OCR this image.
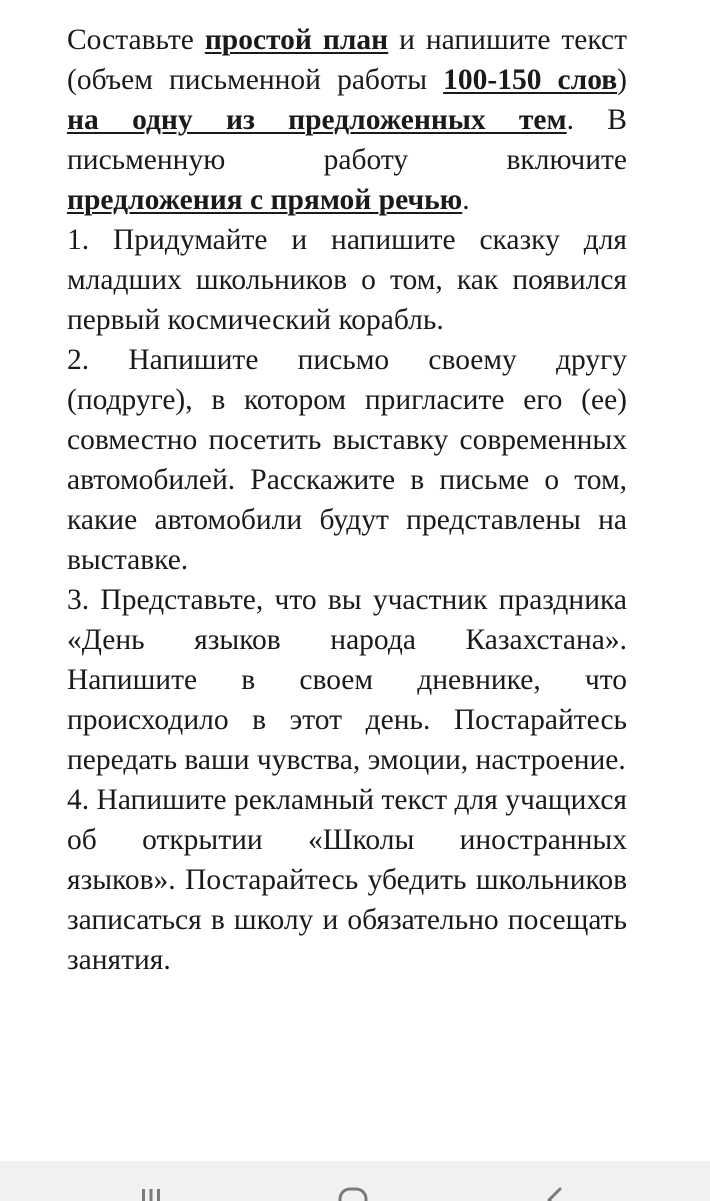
Составьте простой план и напишите текст (объем письменной работы 100-150 слов) на одну из предложенных тем. В письменную работу включите предложения с прямой речью.

1. Придумайте и напишите сказку для младших школьников о том, как появился первый космический корабль.

2. Напишите письмо своему другу (подруге), в котором пригласите его (ее) совместно посетить выставку современных автомобилей. Расскажите в письме о том, какие автомобили будут представлены на выставке.

3. Представьте, что вы участник праздника «День языков народа Казахстана». Напишите в своем дневнике, что происходило в этот день. Постарайтесь передать ваши чувства, эмоции, настроение.

4. Напишите рекламный текст для учащихся об открытии «Школы иностранных языков». Постарайтесь убедить школьников записаться в школу и обязательно посещать занятия.
